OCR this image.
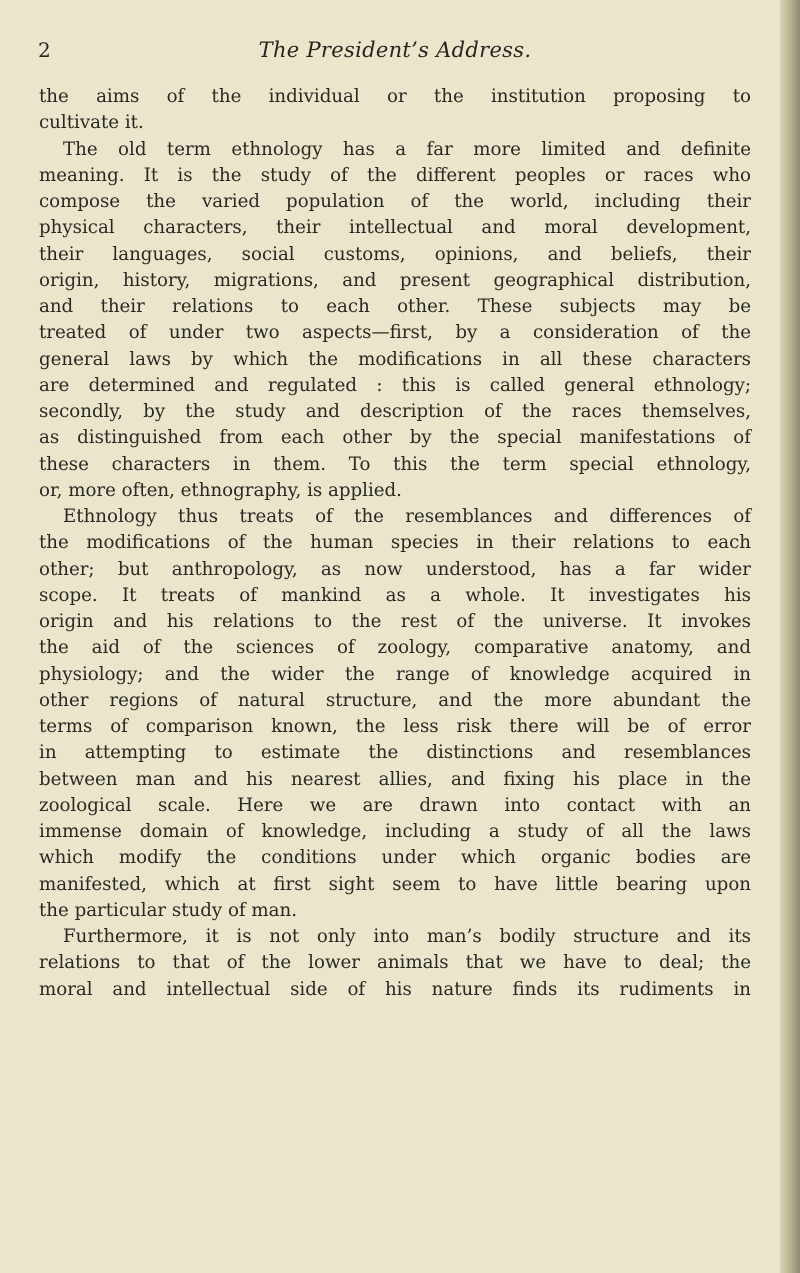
2	The President’s Address.
the aims of the individual or the institution proposing to
cultivate it.
The old term ethnology has a far more limited and definite
meaning. It is the study of the different peoples or races who
compose the varied population of the world, including their
physical characters, their intellectual and moral development,
their languages, social customs, opinions, and beliefs, their
origin, history, migrations, and present geographical distribution,
and their relations to each other. These subjects may be
treated of under two aspects—first, by a consideration of the
general laws by which the modifications in all these characters
are determined and regulated : this is called general ethnology;
secondly, by the study and description of the races themselves,
as distinguished from each other by the special manifestations of
these characters in them. To this the term special ethnology,
or, more often, ethnography, is applied.
Ethnology thus treats of the resemblances and differences of
the modifications of the human species in their relations to each
other; but anthropology, as now understood, has a far wider
scope. It treats of mankind as a whole. It investigates his
origin and his relations to the rest of the universe. It invokes
the aid of the sciences of zoology, comparative anatomy, and
physiology; and the wider the range of knowledge acquired in
other regions of natural structure, and the more abundant the
terms of comparison known, the less risk there will be of error
in attempting to estimate the distinctions and resemblances
between man and his nearest allies, and fixing his place in the
zoological scale. Here we are drawn into contact with an
immense domain of knowledge, including a study of all the laws
which modify the conditions under which organic bodies are
manifested, which at first sight seem to have little bearing upon
the particular study of man.
Furthermore, it is not only into man’s bodily structure and its
relations to that of the lower animals that we have to deal; the
moral and intellectual side of his nature finds its rudiments in
